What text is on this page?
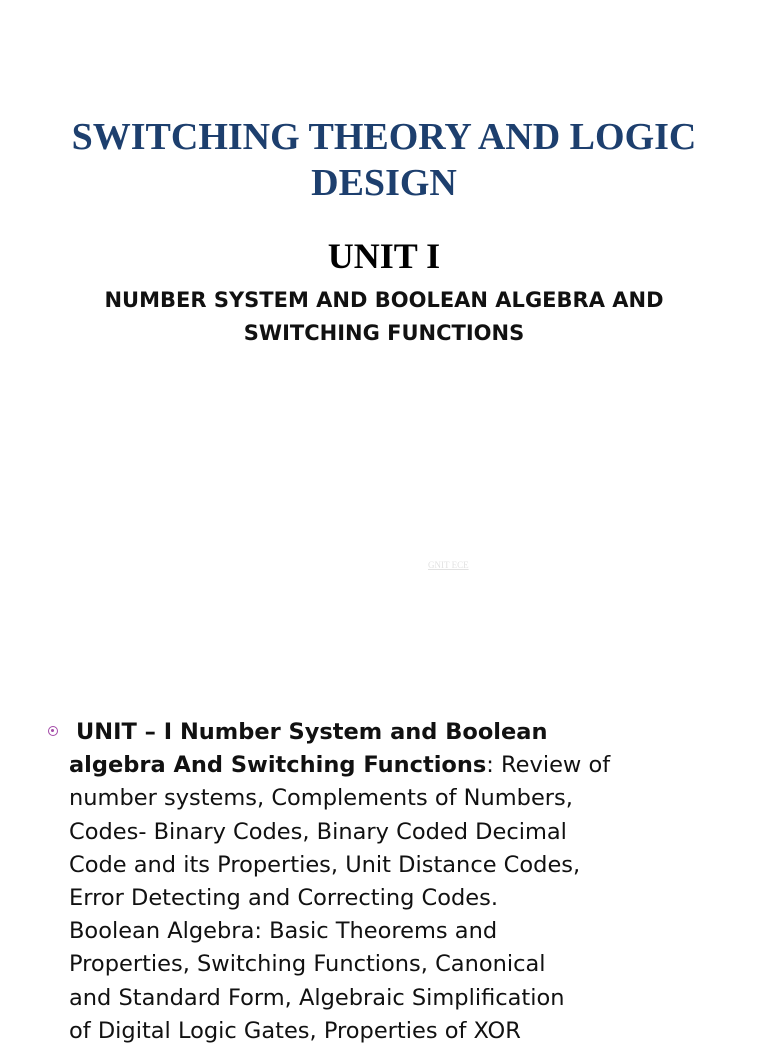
SWITCHING THEORY AND LOGIC
DESIGN
UNIT I
NUMBER SYSTEM AND BOOLEAN ALGEBRA AND
SWITCHING FUNCTIONS
GNIT ECE

UNIT – I Number System and Boolean
algebra And Switching Functions: Review of
number systems, Complements of Numbers,
Codes- Binary Codes, Binary Coded Decimal
Code and its Properties, Unit Distance Codes,
Error Detecting and Correcting Codes.
Boolean Algebra: Basic Theorems and
Properties, Switching Functions, Canonical
and Standard Form, Algebraic Simplification
of Digital Logic Gates, Properties of XOR
